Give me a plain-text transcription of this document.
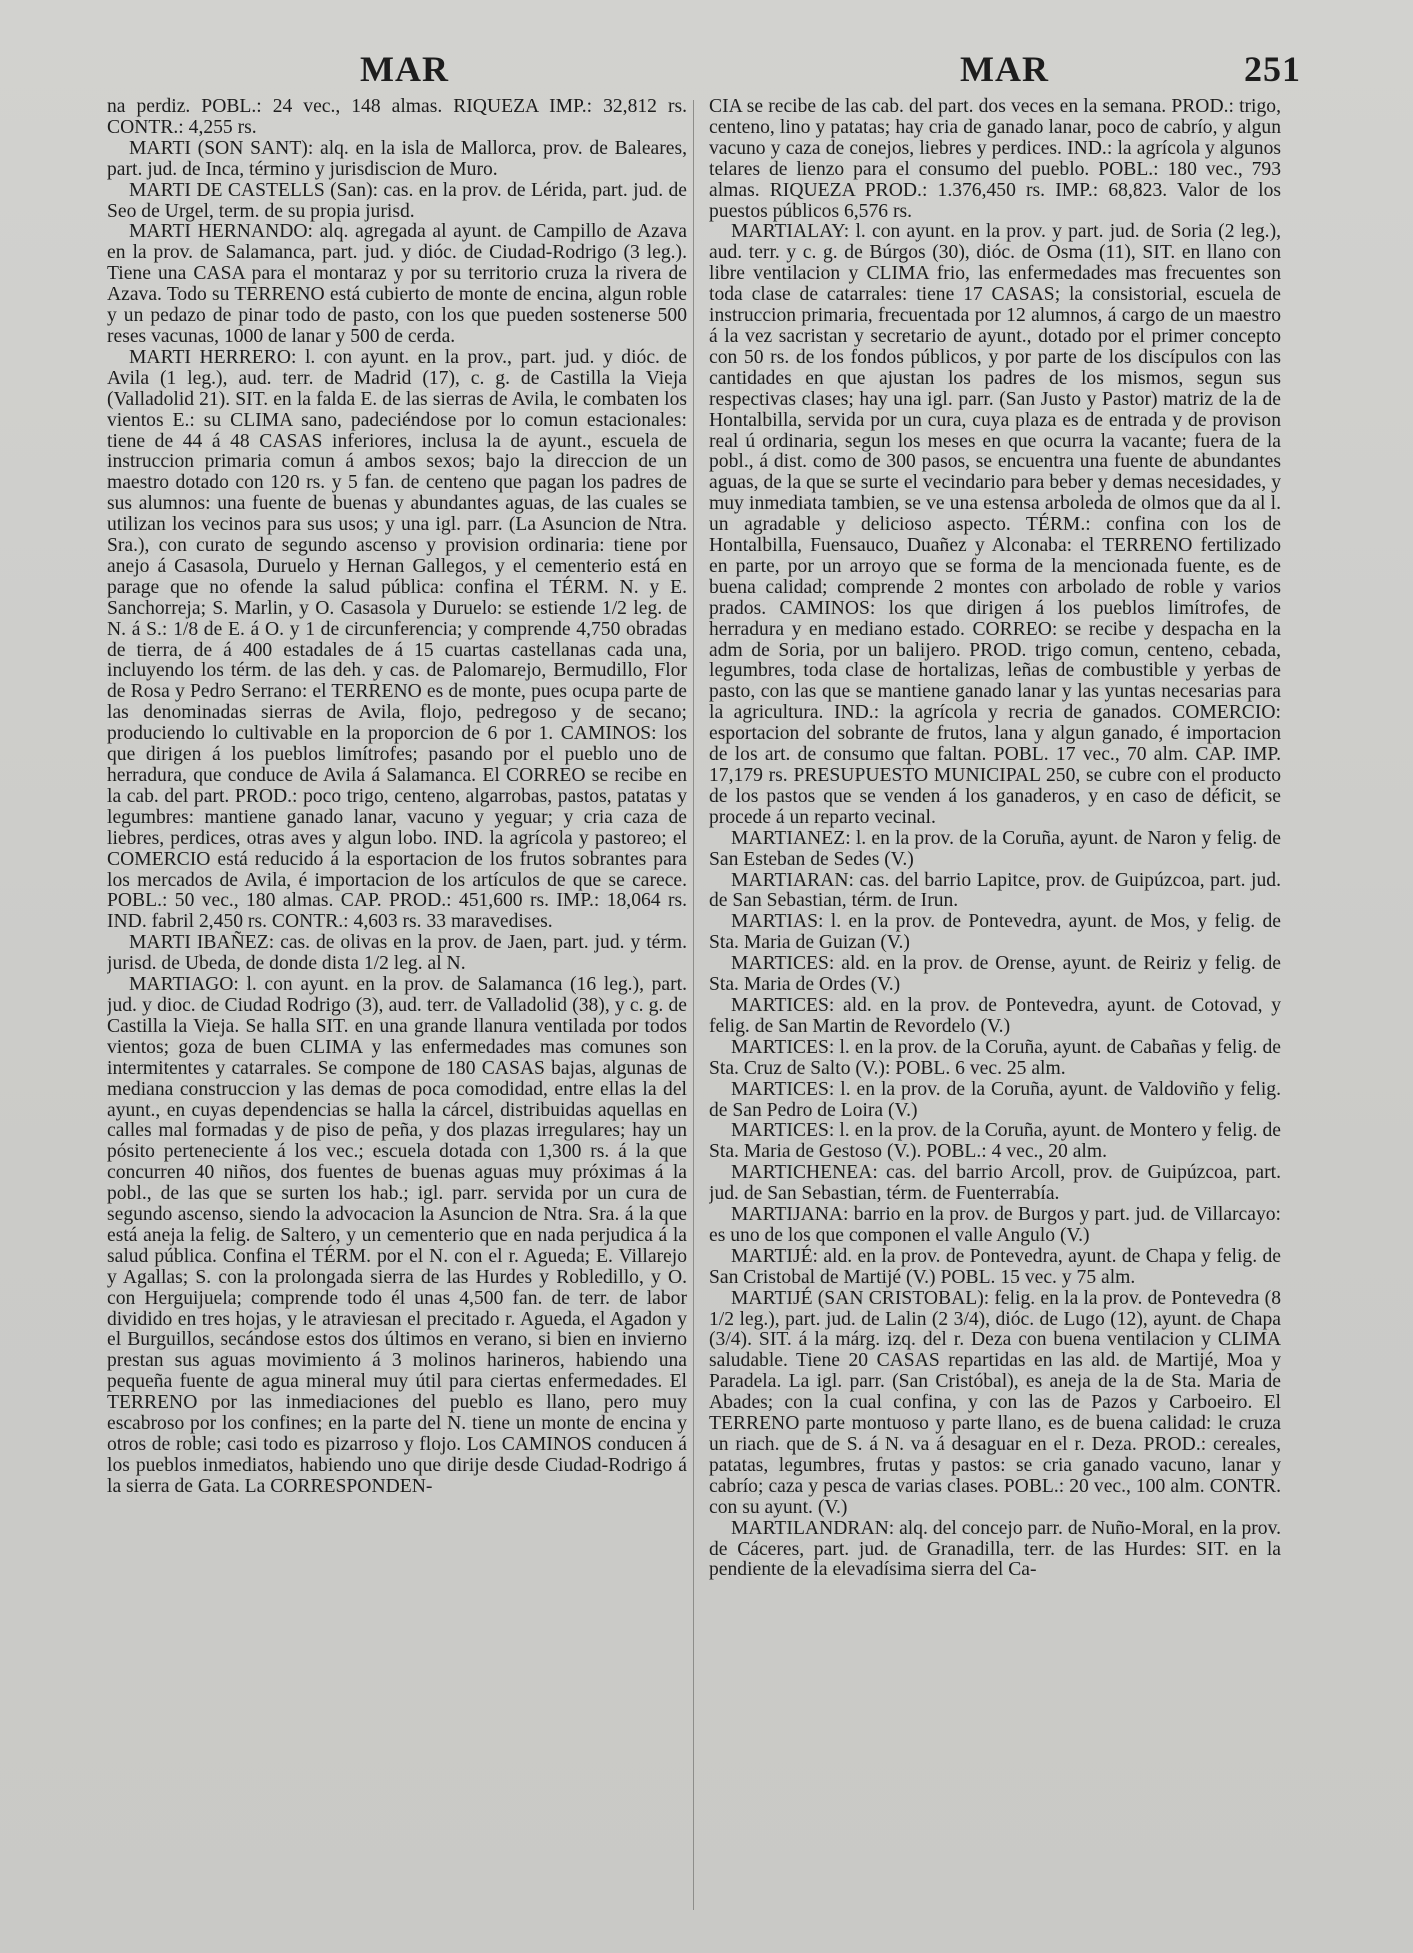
MAR	MAR	251

na perdiz. POBL.: 24 vec., 148 almas. RIQUEZA IMP.: 32,812 rs. CONTR.: 4,255 rs.

MARTI (SON SANT): alq. en la isla de Mallorca, prov. de Baleares, part. jud. de Inca, término y jurisdiscion de Muro.

MARTI DE CASTELLS (San): cas. en la prov. de Lérida, part. jud. de Seo de Urgel, term. de su propia jurisd.

MARTI HERNANDO: alq. agregada al ayunt. de Campillo de Azava en la prov. de Salamanca, part. jud. y dióc. de Ciudad-Rodrigo (3 leg.). Tiene una CASA para el montaraz y por su territorio cruza la rivera de Azava. Todo su TERRENO está cubierto de monte de encina, algun roble y un pedazo de pinar todo de pasto, con los que pueden sostenerse 500 reses vacunas, 1000 de lanar y 500 de cerda.

MARTI HERRERO: l. con ayunt. en la prov., part. jud. y dióc. de Avila (1 leg.), aud. terr. de Madrid (17), c. g. de Castilla la Vieja (Valladolid 21). SIT. en la falda E. de las sierras de Avila, le combaten los vientos E.: su CLIMA sano, padeciéndose por lo comun estacionales: tiene de 44 á 48 CASAS inferiores, inclusa la de ayunt., escuela de instruccion primaria comun á ambos sexos; bajo la direccion de un maestro dotado con 120 rs. y 5 fan. de centeno que pagan los padres de sus alumnos: una fuente de buenas y abundantes aguas, de las cuales se utilizan los vecinos para sus usos; y una igl. parr. (La Asuncion de Ntra. Sra.), con curato de segundo ascenso y provision ordinaria: tiene por anejo á Casasola, Duruelo y Hernan Gallegos, y el cementerio está en parage que no ofende la salud pública: confina el TÉRM. N. y E. Sanchorreja; S. Marlin, y O. Casasola y Duruelo: se estiende 1/2 leg. de N. á S.: 1/8 de E. á O. y 1 de circunferencia; y comprende 4,750 obradas de tierra, de á 400 estadales de á 15 cuartas castellanas cada una, incluyendo los térm. de las deh. y cas. de Palomarejo, Bermudillo, Flor de Rosa y Pedro Serrano: el TERRENO es de monte, pues ocupa parte de las denominadas sierras de Avila, flojo, pedregoso y de secano; produciendo lo cultivable en la proporcion de 6 por 1. CAMINOS: los que dirigen á los pueblos limítrofes; pasando por el pueblo uno de herradura, que conduce de Avila á Salamanca. El CORREO se recibe en la cab. del part. PROD.: poco trigo, centeno, algarrobas, pastos, patatas y legumbres: mantiene ganado lanar, vacuno y yeguar; y cria caza de liebres, perdices, otras aves y algun lobo. IND. la agrícola y pastoreo; el COMERCIO está reducido á la esportacion de los frutos sobrantes para los mercados de Avila, é importacion de los artículos de que se carece. POBL.: 50 vec., 180 almas. CAP. PROD.: 451,600 rs. IMP.: 18,064 rs. IND. fabril 2,450 rs. CONTR.: 4,603 rs. 33 maravedises.

MARTI IBAÑEZ: cas. de olivas en la prov. de Jaen, part. jud. y térm. jurisd. de Ubeda, de donde dista 1/2 leg. al N.

MARTIAGO: l. con ayunt. en la prov. de Salamanca (16 leg.), part. jud. y dioc. de Ciudad Rodrigo (3), aud. terr. de Valladolid (38), y c. g. de Castilla la Vieja. Se halla SIT. en una grande llanura ventilada por todos vientos; goza de buen CLIMA y las enfermedades mas comunes son intermitentes y catarrales. Se compone de 180 CASAS bajas, algunas de mediana construccion y las demas de poca comodidad, entre ellas la del ayunt., en cuyas dependencias se halla la cárcel, distribuidas aquellas en calles mal formadas y de piso de peña, y dos plazas irregulares; hay un pósito perteneciente á los vec.; escuela dotada con 1,300 rs. á la que concurren 40 niños, dos fuentes de buenas aguas muy próximas á la pobl., de las que se surten los hab.; igl. parr. servida por un cura de segundo ascenso, siendo la advocacion la Asuncion de Ntra. Sra. á la que está aneja la felig. de Saltero, y un cementerio que en nada perjudica á la salud pública. Confina el TÉRM. por el N. con el r. Agueda; E. Villarejo y Agallas; S. con la prolongada sierra de las Hurdes y Robledillo, y O. con Herguijuela; comprende todo él unas 4,500 fan. de terr. de labor dividido en tres hojas, y le atraviesan el precitado r. Agueda, el Agadon y el Burguillos, secándose estos dos últimos en verano, si bien en invierno prestan sus aguas movimiento á 3 molinos harineros, habiendo una pequeña fuente de agua mineral muy útil para ciertas enfermedades. El TERRENO por las inmediaciones del pueblo es llano, pero muy escabroso por los confines; en la parte del N. tiene un monte de encina y otros de roble; casi todo es pizarroso y flojo. Los CAMINOS conducen á los pueblos inmediatos, habiendo uno que dirije desde Ciudad-Rodrigo á la sierra de Gata. La CORRESPONDEN-

CIA se recibe de las cab. del part. dos veces en la semana. PROD.: trigo, centeno, lino y patatas; hay cria de ganado lanar, poco de cabrío, y algun vacuno y caza de conejos, liebres y perdices. IND.: la agrícola y algunos telares de lienzo para el consumo del pueblo. POBL.: 180 vec., 793 almas. RIQUEZA PROD.: 1.376,450 rs. IMP.: 68,823. Valor de los puestos públicos 6,576 rs.

MARTIALAY: l. con ayunt. en la prov. y part. jud. de Soria (2 leg.), aud. terr. y c. g. de Búrgos (30), dióc. de Osma (11), SIT. en llano con libre ventilacion y CLIMA frio, las enfermedades mas frecuentes son toda clase de catarrales: tiene 17 CASAS; la consistorial, escuela de instruccion primaria, frecuentada por 12 alumnos, á cargo de un maestro á la vez sacristan y secretario de ayunt., dotado por el primer concepto con 50 rs. de los fondos públicos, y por parte de los discípulos con las cantidades en que ajustan los padres de los mismos, segun sus respectivas clases; hay una igl. parr. (San Justo y Pastor) matriz de la de Hontalbilla, servida por un cura, cuya plaza es de entrada y de provison real ú ordinaria, segun los meses en que ocurra la vacante; fuera de la pobl., á dist. como de 300 pasos, se encuentra una fuente de abundantes aguas, de la que se surte el vecindario para beber y demas necesidades, y muy inmediata tambien, se ve una estensa arboleda de olmos que da al l. un agradable y delicioso aspecto. TÉRM.: confina con los de Hontalbilla, Fuensauco, Duañez y Alconaba: el TERRENO fertilizado en parte, por un arroyo que se forma de la mencionada fuente, es de buena calidad; comprende 2 montes con arbolado de roble y varios prados. CAMINOS: los que dirigen á los pueblos limítrofes, de herradura y en mediano estado. CORREO: se recibe y despacha en la adm de Soria, por un balijero. PROD. trigo comun, centeno, cebada, legumbres, toda clase de hortalizas, leñas de combustible y yerbas de pasto, con las que se mantiene ganado lanar y las yuntas necesarias para la agricultura. IND.: la agrícola y recria de ganados. COMERCIO: esportacion del sobrante de frutos, lana y algun ganado, é importacion de los art. de consumo que faltan. POBL. 17 vec., 70 alm. CAP. IMP. 17,179 rs. PRESUPUESTO MUNICIPAL 250, se cubre con el producto de los pastos que se venden á los ganaderos, y en caso de déficit, se procede á un reparto vecinal.

MARTIANEZ: l. en la prov. de la Coruña, ayunt. de Naron y felig. de San Esteban de Sedes (V.)

MARTIARAN: cas. del barrio Lapitce, prov. de Guipúzcoa, part. jud. de San Sebastian, térm. de Irun.

MARTIAS: l. en la prov. de Pontevedra, ayunt. de Mos, y felig. de Sta. Maria de Guizan (V.)

MARTICES: ald. en la prov. de Orense, ayunt. de Reiriz y felig. de Sta. Maria de Ordes (V.)

MARTICES: ald. en la prov. de Pontevedra, ayunt. de Cotovad, y felig. de San Martin de Revordelo (V.)

MARTICES: l. en la prov. de la Coruña, ayunt. de Cabañas y felig. de Sta. Cruz de Salto (V.): POBL. 6 vec. 25 alm.

MARTICES: l. en la prov. de la Coruña, ayunt. de Valdoviño y felig. de San Pedro de Loira (V.)

MARTICES: l. en la prov. de la Coruña, ayunt. de Montero y felig. de Sta. Maria de Gestoso (V.). POBL.: 4 vec., 20 alm.

MARTICHENEA: cas. del barrio Arcoll, prov. de Guipúzcoa, part. jud. de San Sebastian, térm. de Fuenterrabía.

MARTIJANA: barrio en la prov. de Burgos y part. jud. de Villarcayo: es uno de los que componen el valle Angulo (V.)

MARTIJÉ: ald. en la prov. de Pontevedra, ayunt. de Chapa y felig. de San Cristobal de Martijé (V.) POBL. 15 vec. y 75 alm.

MARTIJÉ (SAN CRISTOBAL): felig. en la la prov. de Pontevedra (8 1/2 leg.), part. jud. de Lalin (2 3/4), dióc. de Lugo (12), ayunt. de Chapa (3/4). SIT. á la márg. izq. del r. Deza con buena ventilacion y CLIMA saludable. Tiene 20 CASAS repartidas en las ald. de Martijé, Moa y Paradela. La igl. parr. (San Cristóbal), es aneja de la de Sta. Maria de Abades; con la cual confina, y con las de Pazos y Carboeiro. El TERRENO parte montuoso y parte llano, es de buena calidad: le cruza un riach. que de S. á N. va á desaguar en el r. Deza. PROD.: cereales, patatas, legumbres, frutas y pastos: se cria ganado vacuno, lanar y cabrío; caza y pesca de varias clases. POBL.: 20 vec., 100 alm. CONTR. con su ayunt. (V.)

MARTILANDRAN: alq. del concejo parr. de Nuño-Moral, en la prov. de Cáceres, part. jud. de Granadilla, terr. de las Hurdes: SIT. en la pendiente de la elevadísima sierra del Ca-
